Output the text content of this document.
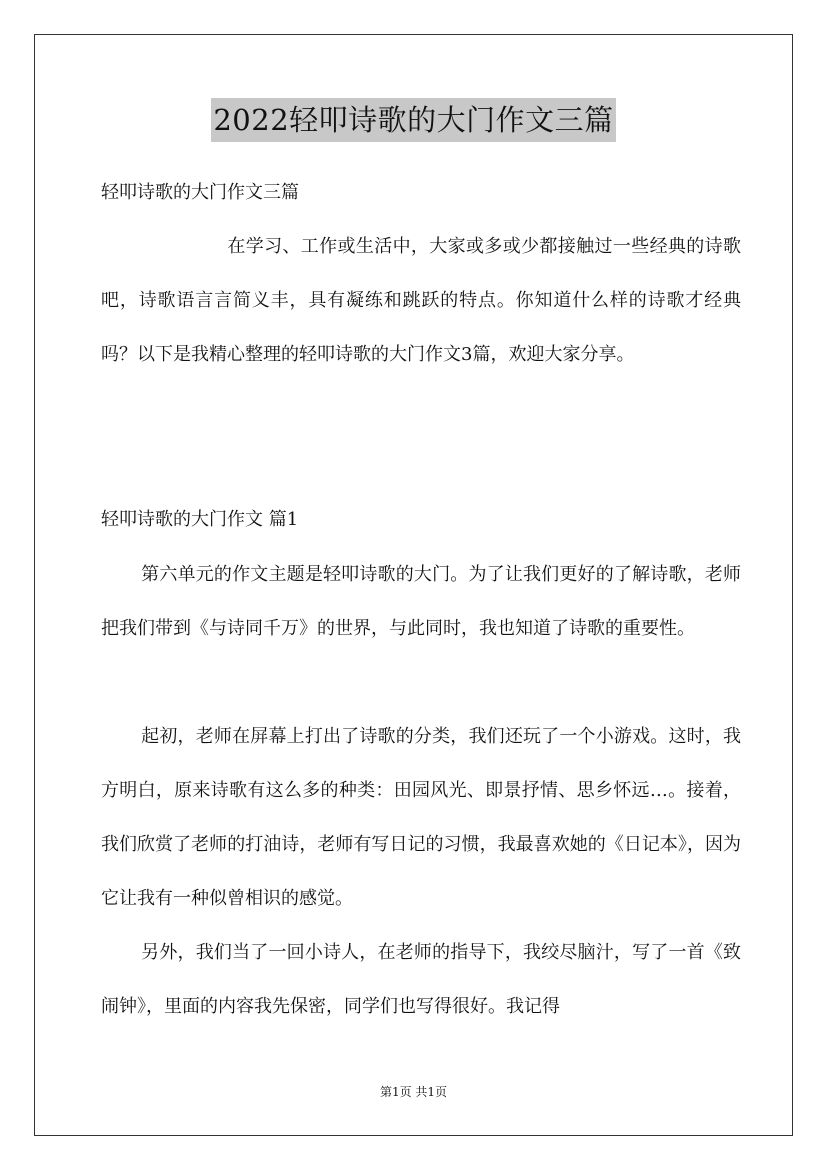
2022轻叩诗歌的大门作文三篇
轻叩诗歌的大门作文三篇

在学习、工作或生活中，大家或多或少都接触过一些经典的诗歌吧，诗歌语言言简义丰，具有凝练和跳跃的特点。你知道什么样的诗歌才经典吗？以下是我精心整理的轻叩诗歌的大门作文3篇，欢迎大家分享。

轻叩诗歌的大门作文 篇1

第六单元的作文主题是轻叩诗歌的大门。为了让我们更好的了解诗歌，老师把我们带到《与诗同千万》的世界，与此同时，我也知道了诗歌的重要性。

起初，老师在屏幕上打出了诗歌的分类，我们还玩了一个小游戏。这时，我方明白，原来诗歌有这么多的种类：田园风光、即景抒情、思乡怀远…。接着，我们欣赏了老师的打油诗，老师有写日记的习惯，我最喜欢她的《日记本》，因为它让我有一种似曾相识的感觉。

另外，我们当了一回小诗人，在老师的指导下，我绞尽脑汁，写了一首《致闹钟》，里面的内容我先保密，同学们也写得很好。我记得

第1页 共1页
